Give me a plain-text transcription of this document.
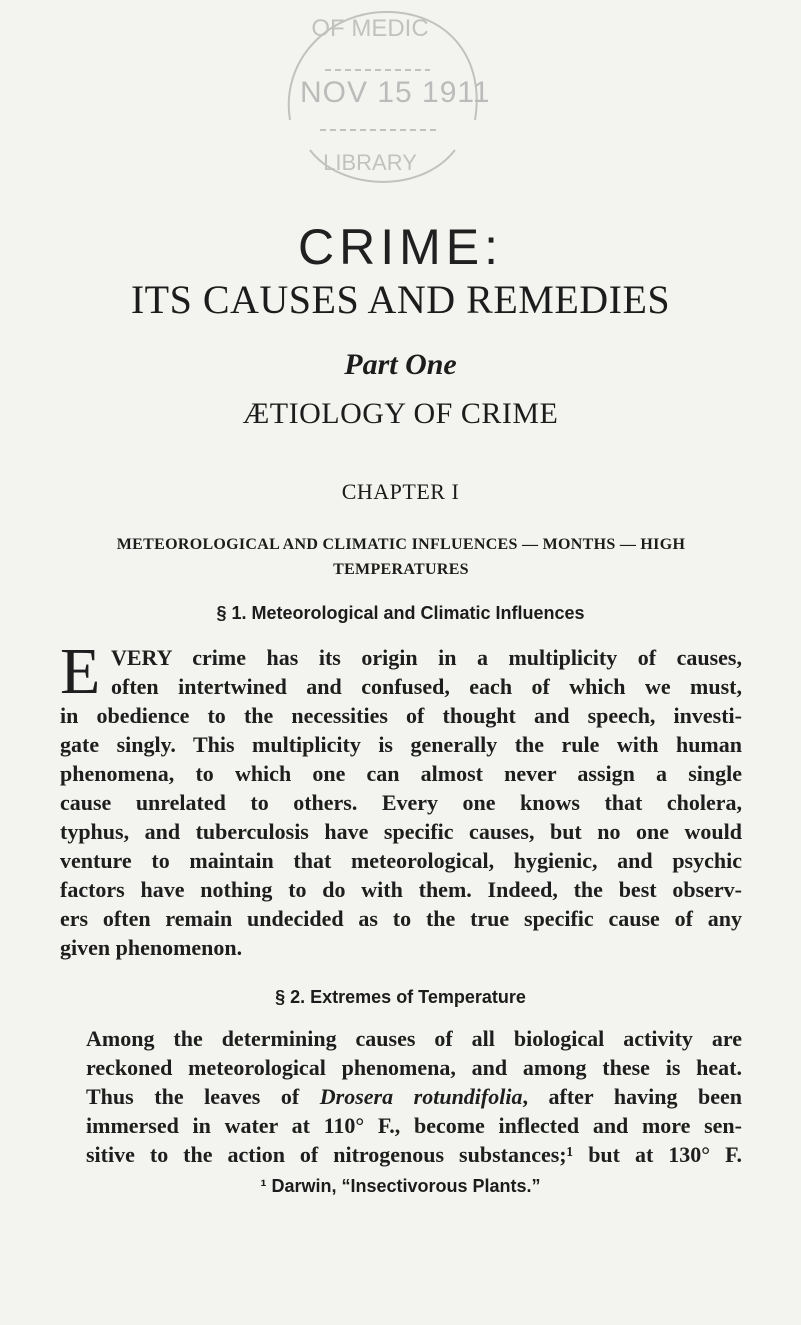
OF MEDIC
LIBRARY
NOV 15 1911
CRIME:
ITS CAUSES AND REMEDIES
Part One
ÆTIOLOGY OF CRIME
CHAPTER I
METEOROLOGICAL AND CLIMATIC INFLUENCES — MONTHS — HIGH
TEMPERATURES
§ 1. Meteorological and Climatic Influences
E VERY crime has its origin in a multiplicity of causes,
often intertwined and confused, each of which we must,
in obedience to the necessities of thought and speech, investi-
gate singly. This multiplicity is generally the rule with human
phenomena, to which one can almost never assign a single
cause unrelated to others. Every one knows that cholera,
typhus, and tuberculosis have specific causes, but no one would
venture to maintain that meteorological, hygienic, and psychic
factors have nothing to do with them. Indeed, the best observ-
ers often remain undecided as to the true specific cause of any
given phenomenon.
§ 2. Extremes of Temperature
Among the determining causes of all biological activity are
reckoned meteorological phenomena, and among these is heat.
Thus the leaves of Drosera rotundifolia, after having been
immersed in water at 110° F., become inflected and more sen-
sitive to the action of nitrogenous substances;¹ but at 130° F.
¹ Darwin, “Insectivorous Plants.”
